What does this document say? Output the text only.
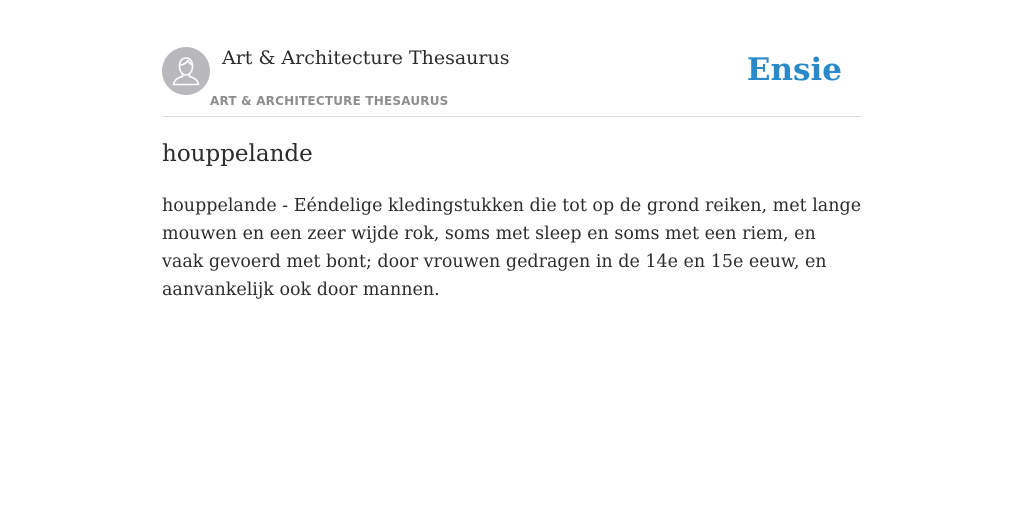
Art & Architecture Thesaurus
ART & ARCHITECTURE THESAURUS
Ensie
houppelande

houppelande - Eéndelige kledingstukken die tot op de grond reiken, met lange mouwen en een zeer wijde rok, soms met sleep en soms met een riem, en vaak gevoerd met bont; door vrouwen gedragen in de 14e en 15e eeuw, en aanvankelijk ook door mannen.
